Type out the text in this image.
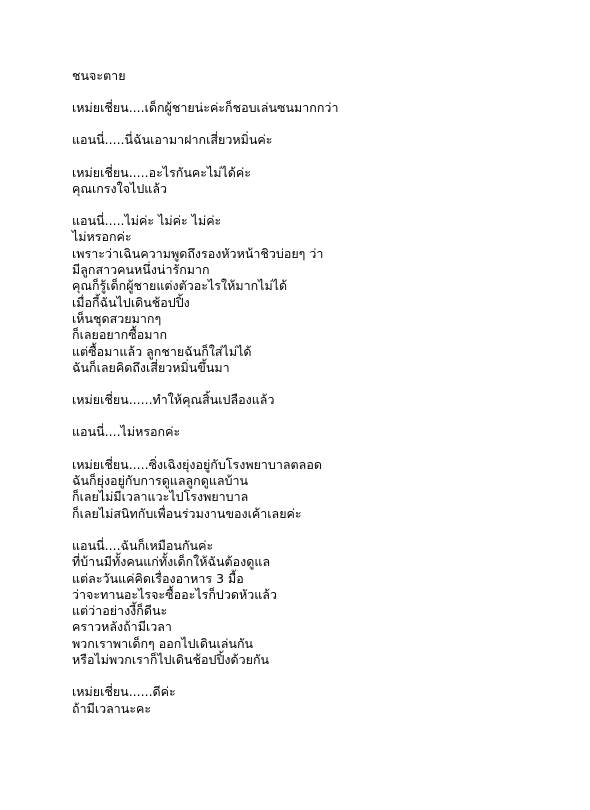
ชนจะตาย
เหม่ยเชี่ยน....เด็กผู้ชายน่ะค่ะก็ชอบเล่นซนมากกว่า
แอนนี่.....นี่ฉันเอามาฝากเสี่ยวหมิ่นค่ะ
เหม่ยเชี่ยน.....อะไรกันคะไม่ได้ค่ะ
คุณเกรงใจไปแล้ว
แอนนี่.....ไม่ค่ะ ไม่ค่ะ ไม่ค่ะ
ไม่หรอกค่ะ
เพราะว่าเฉินความพูดถึงรองหัวหน้าชิวบ่อยๆ ว่า
มีลูกสาวคนหนึ่งน่ารักมาก
คุณก็รู้เด็กผู้ชายแต่งตัวอะไรให้มากไม่ได้
เมื่อกี้ฉันไปเดินช้อปปิ้ง
เห็นชุดสวยมากๆ
ก็เลยอยากซื้อมาก
แต่ซื้อมาแล้ว ลูกชายฉันก็ใส่ไม่ได้
ฉันก็เลยคิดถึงเสี่ยวหมิ่นขึ้นมา
เหม่ยเชี่ยน......ทำให้คุณสิ้นเปลืองแล้ว
แอนนี่....ไม่หรอกค่ะ
เหม่ยเชี่ยน.....ซิ่งเฉิงยุ่งอยู่กับโรงพยาบาลตลอด
ฉันก็ยุ่งอยู่กับการดูแลลูกดูแลบ้าน
ก็เลยไม่มีเวลาแวะไปโรงพยาบาล
ก็เลยไม่สนิทกับเพื่อนร่วมงานของเค้าเลยค่ะ
แอนนี่....ฉันก็เหมือนกันค่ะ
ที่บ้านมีทั้งคนแก่ทั้งเด็กให้ฉันต้องดูแล
แต่ละวันแค่คิดเรื่องอาหาร 3 มื้อ
ว่าจะทานอะไรจะซื้ออะไรก็ปวดหัวแล้ว
แต่ว่าอย่างงี้ก็ดีนะ
คราวหลังถ้ามีเวลา
พวกเราพาเด็กๆ ออกไปเดินเล่นกัน
หรือไม่พวกเราก็ไปเดินช้อปปิ้งด้วยกัน
เหม่ยเชี่ยน......ดีค่ะ
ถ้ามีเวลานะคะ
